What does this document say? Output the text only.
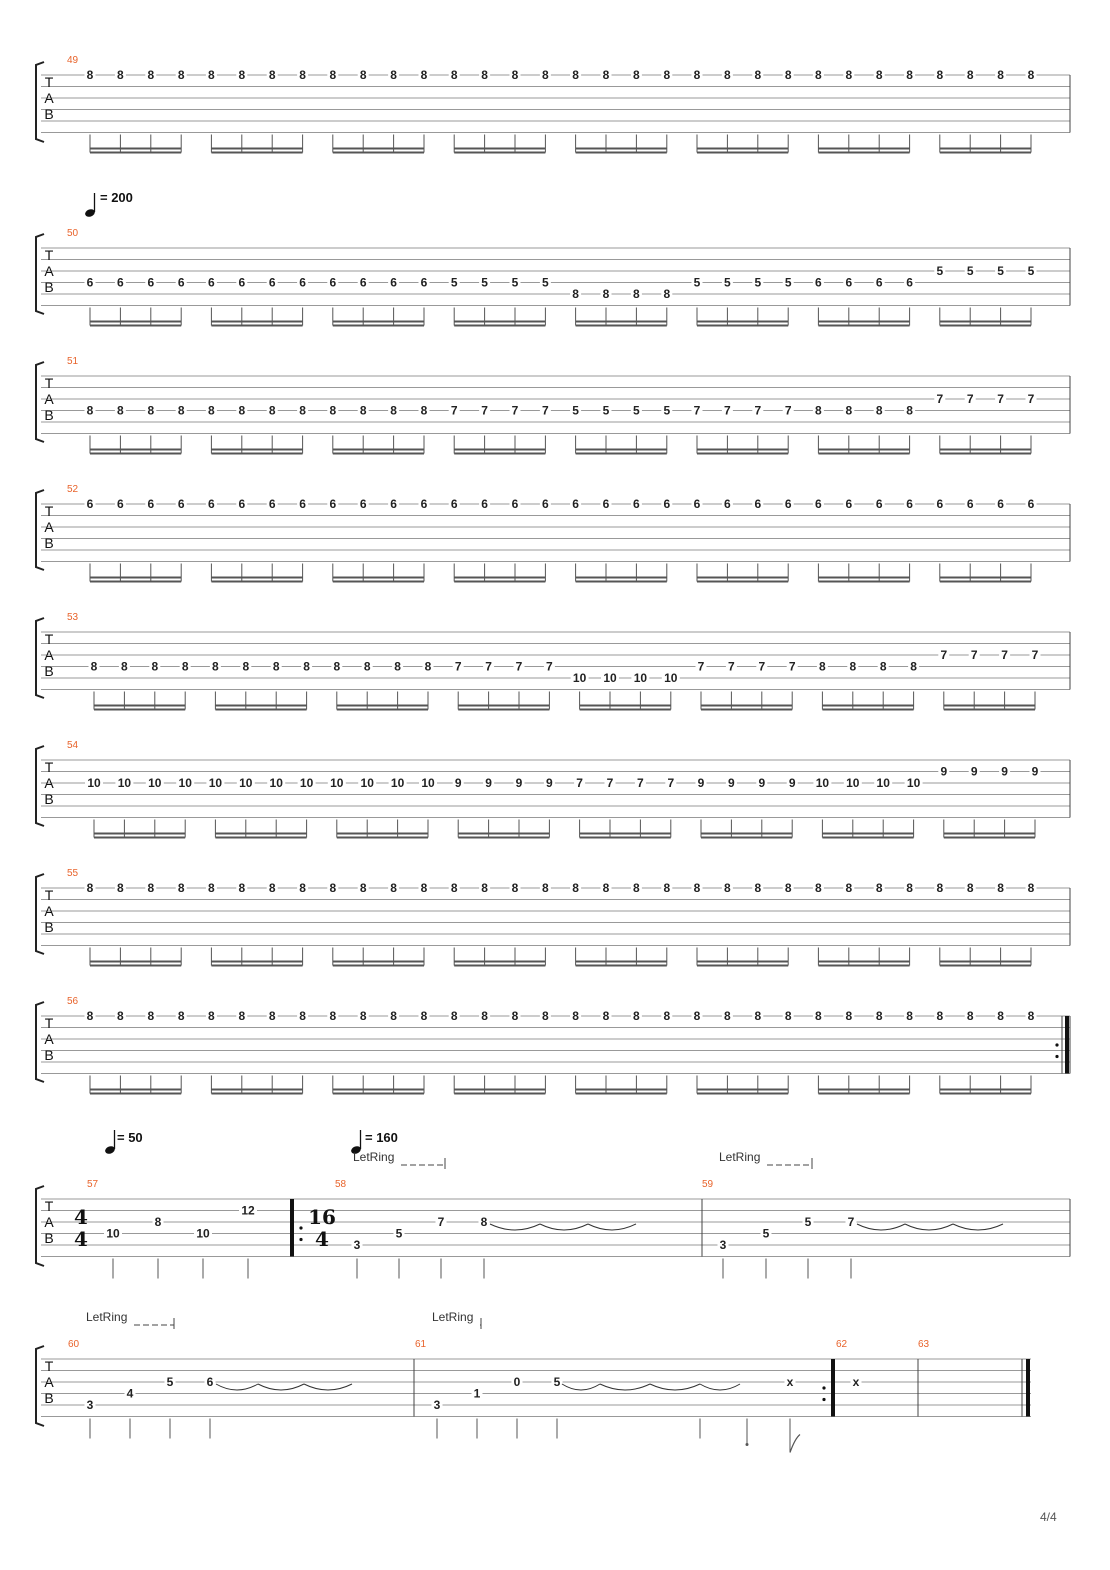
T
A
B
49
8 8 8 8 8 8 8 8 8 8 8 8 8 8 8 8 8 8 8 8 8 8 8 8 8 8 8 8 8 8 8 8
T
A
B
50
= 200
6 6 6 6 6 6 6 6 6 6 6 6 5 5 5 5
8 8 8 8
5 5 5 5 6 6 6 6
5 5 5 5
T
A
B
51
8 8 8 8 8 8 8 8 8 8 8 8 7 7 7 7 5 5 5 5 7 7 7 7 8 8 8 8
7 7 7 7
T
A
B
52
6 6 6 6 6 6 6 6 6 6 6 6 6 6 6 6 6 6 6 6 6 6 6 6 6 6 6 6 6 6 6 6
T
A
B
53
8 8 8 8 8 8 8 8 8 8 8 8 7 7 7 7
10 10 10 10
7 7 7 7 8 8 8 8
7 7 7 7
T
A
B
54
10 10 10 10 10 10 10 10 10 10 10 10 9 9 9 9 7 7 7 7 9 9 9 9 10 10 10 10
9 9 9 9
T
A
B
55
8 8 8 8 8 8 8 8 8 8 8 8 8 8 8 8 8 8 8 8 8 8 8 8 8 8 8 8 8 8 8 8
T
A
B
56
8 8 8 8 8 8 8 8 8 8 8 8 8 8 8 8 8 8 8 8 8 8 8 8 8 8 8 8 8 8 8 8
T
A
B
= 50	= 160
LetRing	LetRing
57
4
4 10
8
10
12
58
16
4 3
5
7	8
59
3
5
5	7
T
A
B
LetRing	LetRing
60
3
4
5	6
61
3
1
0	5	x
62
x
63
4/4
